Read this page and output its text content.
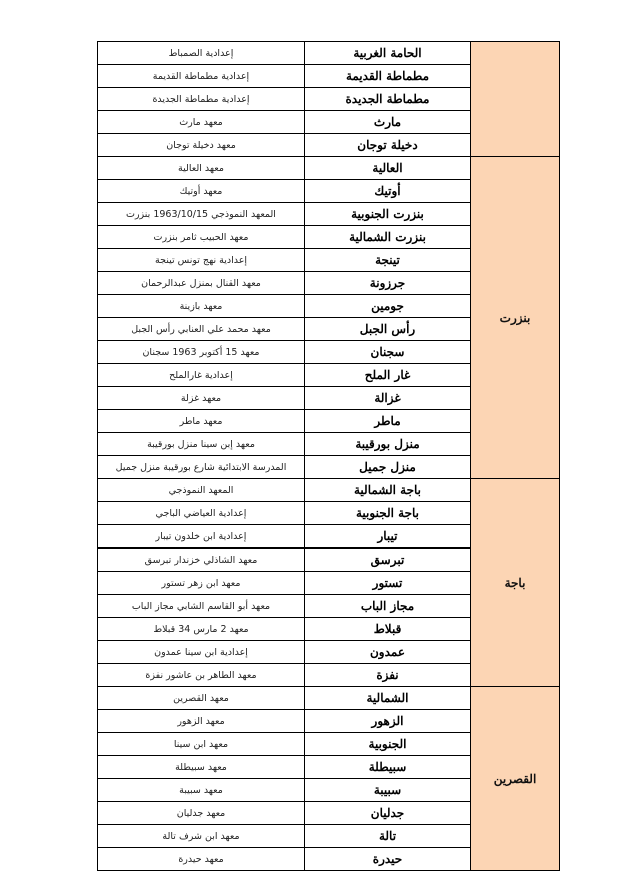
	الحامة الغربية	إعدادية الصمباط
	مطماطة القديمة	إعدادية مطماطة القديمة
	مطماطة الجديدة	إعدادية مطماطة الجديدة
	مارث	معهد مارث
	دخيلة توجان	معهد دخيلة توجان
بنزرت	العالية	معهد العالية
	أوتيك	معهد أوتيك
	بنزرت الجنوبية	المعهد النموذجي 1963/10/15 بنزرت
	بنزرت الشمالية	معهد الحبيب ثامر بنزرت
	تينجة	إعدادية نهج تونس تينجة
	جرزونة	معهد القنال بمنزل عبدالرحمان
	جومين	معهد بازينة
	رأس الجبل	معهد محمد علي العنابي رأس الجبل
	سجنان	معهد 15 أكتوبر 1963 سجنان
	غار الملح	إعدادية غارالملح
	غزالة	معهد غزلة
	ماطر	معهد ماطر
	منزل بورقيبة	معهد إبن سينا منزل بورقيبة
	منزل جميل	المدرسة الابتدائية شارع بورقيبة منزل جميل
باجة	باجة الشمالية	المعهد النموذجي
	باجة الجنوبية	إعدادية العياضي الباجي
	تيبار	إعدادية ابن خلدون تيبار
	تبرسق	معهد الشاذلي خزندار تبرسق
	تستور	معهد ابن زهر تستور
	مجاز الباب	معهد أبو القاسم الشابي مجاز الباب
	قبلاط	معهد 2 مارس 34 قبلاط
	عمدون	إعدادية ابن سينا عمدون
	نفزة	معهد الطاهر بن عاشور نفزة
القصرين	الشمالية	معهد القصرين
	الزهور	معهد الزهور
	الجنوبية	معهد ابن سينا
	سبيطلة	معهد سبيطلة
	سبيبة	معهد سبيبة
	جدليان	معهد جدليان
	تالة	معهد ابن شرف تالة
	حيدرة	معهد حيدرة
